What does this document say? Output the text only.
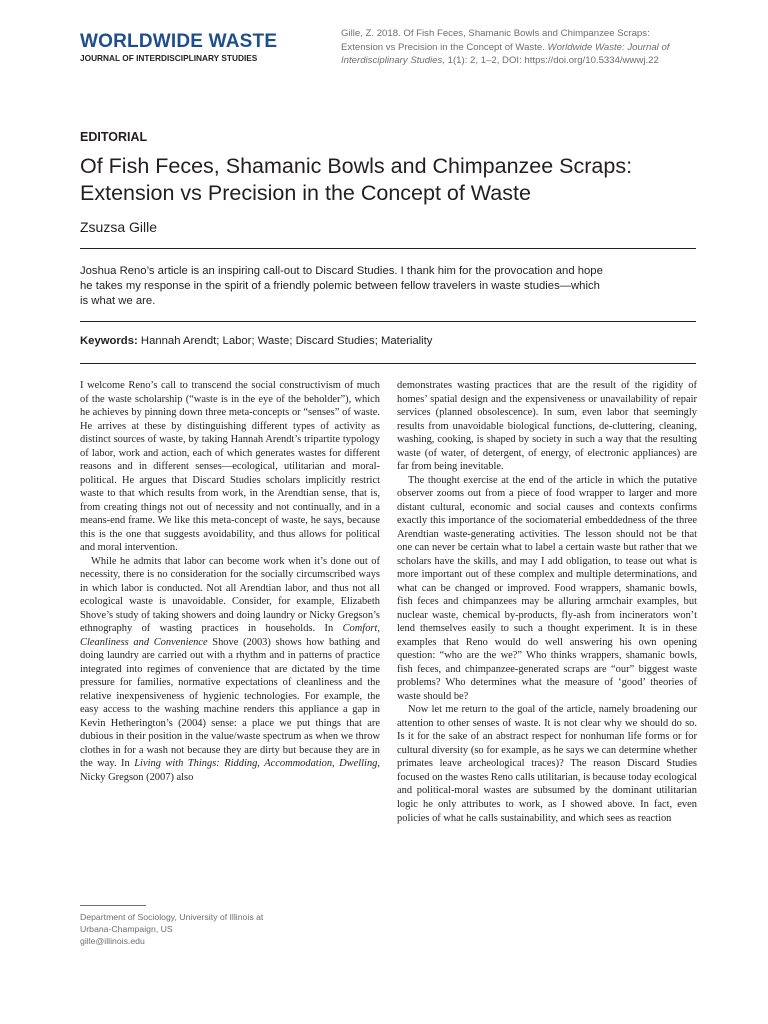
WORLDWIDE WASTE
JOURNAL OF INTERDISCIPLINARY STUDIES
Gille, Z. 2018. Of Fish Feces, Shamanic Bowls and Chimpanzee Scraps:
Extension vs Precision in the Concept of Waste. Worldwide Waste: Journal of
Interdisciplinary Studies, 1(1): 2, 1–2, DOI: https://doi.org/10.5334/wwwj.22
EDITORIAL
Of Fish Feces, Shamanic Bowls and Chimpanzee Scraps:
Extension vs Precision in the Concept of Waste
Zsuzsa Gille
Joshua Reno’s article is an inspiring call-out to Discard Studies. I thank him for the provocation and hope
he takes my response in the spirit of a friendly polemic between fellow travelers in waste studies—which
is what we are.
Keywords: Hannah Arendt; Labor; Waste; Discard Studies; Materiality

I welcome Reno’s call to transcend the social constructivism of much of the waste scholarship (“waste is in the eye of the beholder”), which he achieves by pinning down three meta-concepts or “senses” of waste. He arrives at these by distinguishing different types of activity as distinct sources of waste, by taking Hannah Arendt’s tripartite typology of labor, work and action, each of which generates wastes for different reasons and in different senses—ecological, utilitarian and moral-political. He argues that Discard Studies scholars implicitly restrict waste to that which results from work, in the Arendtian sense, that is, from creating things not out of necessity and not continually, and in a means-end frame. We like this meta-concept of waste, he says, because this is the one that suggests avoidability, and thus allows for political and moral intervention.

While he admits that labor can become work when it’s done out of necessity, there is no consideration for the socially circumscribed ways in which labor is conducted. Not all Arendtian labor, and thus not all ecological waste is unavoidable. Consider, for example, Elizabeth Shove’s study of taking showers and doing laundry or Nicky Gregson’s ethnography of wasting practices in households. In Comfort, Cleanliness and Convenience Shove (2003) shows how bathing and doing laundry are carried out with a rhythm and in patterns of practice integrated into regimes of convenience that are dictated by the time pressure for families, normative expectations of cleanliness and the relative inexpensiveness of hygienic technologies. For example, the easy access to the washing machine renders this appliance a gap in Kevin Hetherington’s (2004) sense: a place we put things that are dubious in their position in the value/waste spectrum as when we throw clothes in for a wash not because they are dirty but because they are in the way. In Living with Things: Ridding, Accommodation, Dwelling, Nicky Gregson (2007) also

demonstrates wasting practices that are the result of the rigidity of homes’ spatial design and the expensiveness or unavailability of repair services (planned obsolescence). In sum, even labor that seemingly results from unavoidable biological functions, de-cluttering, cleaning, washing, cooking, is shaped by society in such a way that the resulting waste (of water, of detergent, of energy, of electronic appliances) are far from being inevitable.

The thought exercise at the end of the article in which the putative observer zooms out from a piece of food wrapper to larger and more distant cultural, economic and social causes and contexts confirms exactly this importance of the sociomaterial embeddedness of the three Arendtian waste-generating activities. The lesson should not be that one can never be certain what to label a certain waste but rather that we scholars have the skills, and may I add obligation, to tease out what is more important out of these complex and multiple determinations, and what can be changed or improved. Food wrappers, shamanic bowls, fish feces and chimpanzees may be alluring armchair examples, but nuclear waste, chemical by-products, fly-ash from incinerators won’t lend themselves easily to such a thought experiment. It is in these examples that Reno would do well answering his own opening question: “who are the we?” Who thinks wrappers, shamanic bowls, fish feces, and chimpanzee-generated scraps are “our” biggest waste problems? Who determines what the measure of ‘good’ theories of waste should be?

Now let me return to the goal of the article, namely broadening our attention to other senses of waste. It is not clear why we should do so. Is it for the sake of an abstract respect for nonhuman life forms or for cultural diversity (so for example, as he says we can determine whether primates leave archeological traces)? The reason Discard Studies focused on the wastes Reno calls utilitarian, is because today ecological and political-moral wastes are subsumed by the dominant utilitarian logic he only attributes to work, as I showed above. In fact, even policies of what he calls sustainability, and which sees as reaction

Department of Sociology, University of Illinois at
Urbana-Champaign, US
gille@illinois.edu
